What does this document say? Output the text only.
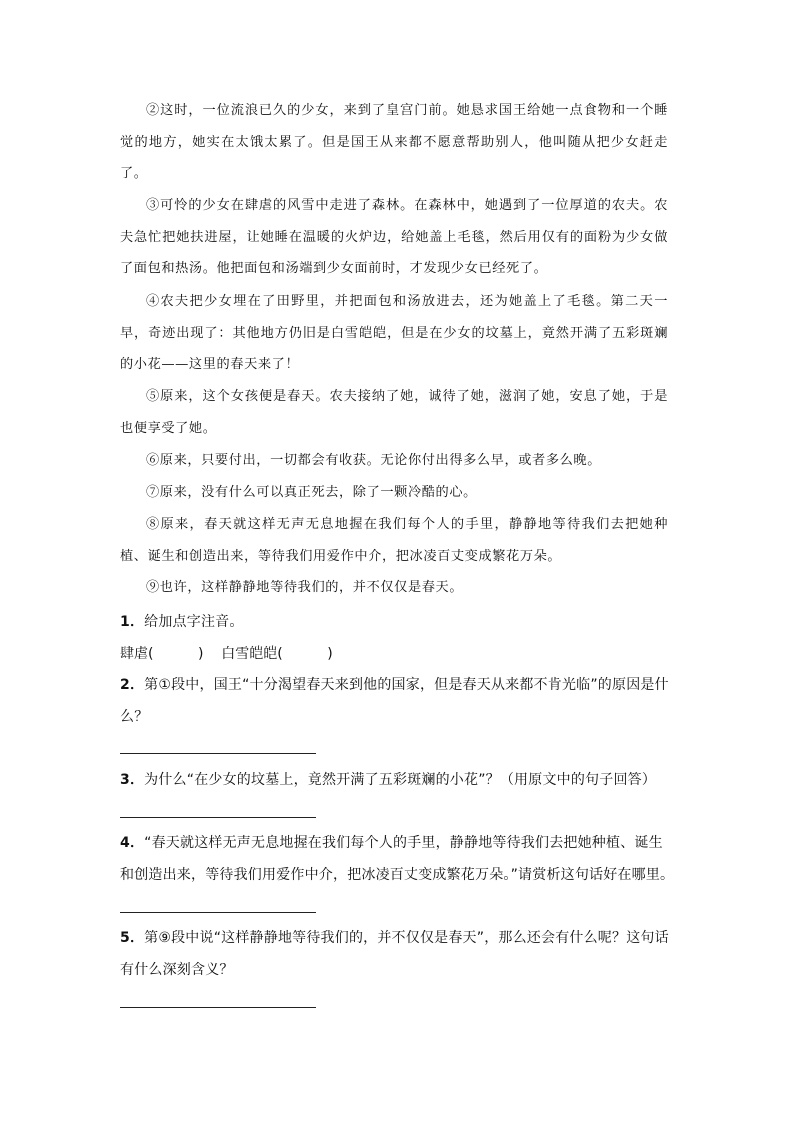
②这时，一位流浪已久的少女，来到了皇宫门前。她恳求国王给她一点食物和一个睡觉的地方，她实在太饿太累了。但是国王从来都不愿意帮助别人，他叫随从把少女赶走了。
③可怜的少女在肆虐的风雪中走进了森林。在森林中，她遇到了一位厚道的农夫。农夫急忙把她扶进屋，让她睡在温暖的火炉边，给她盖上毛毯，然后用仅有的面粉为少女做了面包和热汤。他把面包和汤端到少女面前时，才发现少女已经死了。
④农夫把少女埋在了田野里，并把面包和汤放进去，还为她盖上了毛毯。第二天一早，奇迹出现了：其他地方仍旧是白雪皑皑，但是在少女的坟墓上，竟然开满了五彩斑斓的小花——这里的春天来了！
⑤原来，这个女孩便是春天。农夫接纳了她，诚待了她，滋润了她，安息了她，于是也便享受了她。
⑥原来，只要付出，一切都会有收获。无论你付出得多么早，或者多么晚。
⑦原来，没有什么可以真正死去，除了一颗冷酷的心。
⑧原来，春天就这样无声无息地握在我们每个人的手里，静静地等待我们去把她种植、诞生和创造出来，等待我们用爱作中介，把冰凌百丈变成繁花万朵。
⑨也许，这样静静地等待我们的，并不仅仅是春天。
1．给加点字注音。
肆虐(          )    白雪皑皑(          )
2．第①段中，国王“十分渴望春天来到他的国家，但是春天从来都不肯光临”的原因是什么？
3．为什么“在少女的坟墓上，竟然开满了五彩斑斓的小花”？（用原文中的句子回答）
4．“春天就这样无声无息地握在我们每个人的手里，静静地等待我们去把她种植、诞生和创造出来，等待我们用爱作中介，把冰凌百丈变成繁花万朵。”请赏析这句话好在哪里。
5．第⑨段中说“这样静静地等待我们的，并不仅仅是春天”，那么还会有什么呢？这句话有什么深刻含义？
